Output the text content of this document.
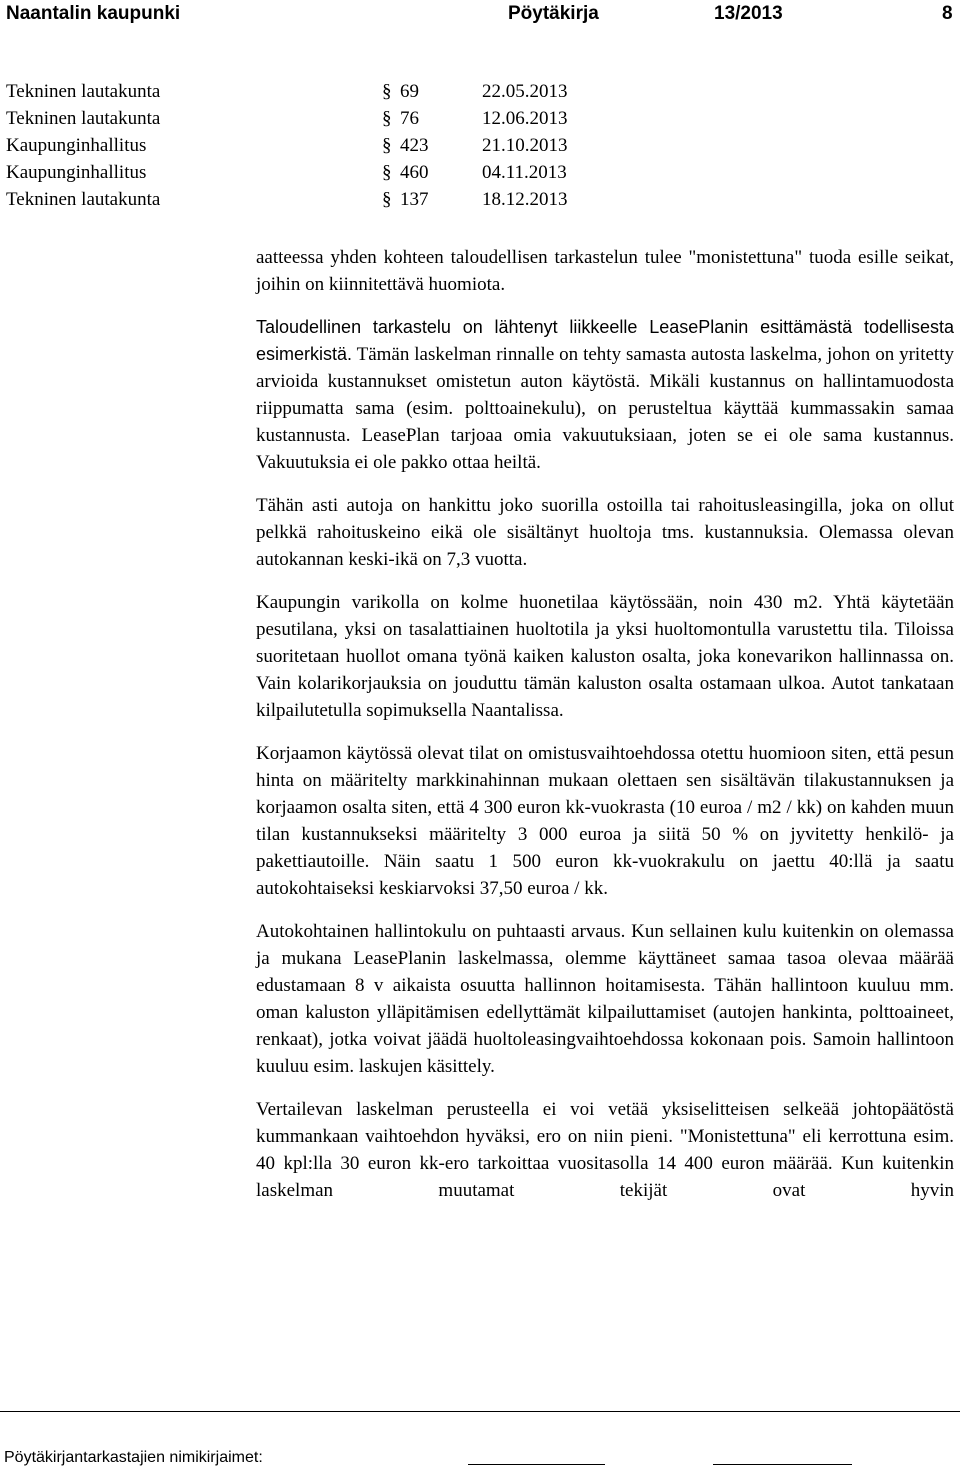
Naantalin kaupunki	Pöytäkirja	13/2013	8
Tekninen lautakunta	§ 69	22.05.2013
Tekninen lautakunta	§ 76	12.06.2013
Kaupunginhallitus	§ 423	21.10.2013
Kaupunginhallitus	§ 460	04.11.2013
Tekninen lautakunta	§ 137	18.12.2013

aatteessa yhden kohteen taloudellisen tarkastelun tulee "monistettuna" tuoda esille seikat, joihin on kiinnitettävä huomiota.

Taloudellinen tarkastelu on lähtenyt liikkeelle LeasePlanin esittämästä todellisesta esimerkistä. Tämän laskelman rinnalle on tehty samasta autosta laskelma, johon on yritetty arvioida kustannukset omistetun auton käytöstä. Mikäli kustannus on hallintamuodosta riippumatta sama (esim. polttoainekulu), on perusteltua käyttää kummassakin samaa kustannusta. LeasePlan tarjoaa omia vakuutuksiaan, joten se ei ole sama kustannus. Vakuutuksia ei ole pakko ottaa heiltä.

Tähän asti autoja on hankittu joko suorilla ostoilla tai rahoitusleasingilla, joka on ollut pelkkä rahoituskeino eikä ole sisältänyt huoltoja tms. kustannuksia. Olemassa olevan autokannan keski-ikä on 7,3 vuotta.

Kaupungin varikolla on kolme huonetilaa käytössään, noin 430 m2. Yhtä käytetään pesutilana, yksi on tasalattiainen huoltotila ja yksi huoltomontulla varustettu tila. Tiloissa suoritetaan huollot omana työnä kaiken kaluston osalta, joka konevarikon hallinnassa on. Vain kolarikorjauksia on jouduttu tämän kaluston osalta ostamaan ulkoa. Autot tankataan kilpailutetulla sopimuksella Naantalissa.

Korjaamon käytössä olevat tilat on omistusvaihtoehdossa otettu huomioon siten, että pesun hinta on määritelty markkinahinnan mukaan olettaen sen sisältävän tilakustannuksen ja korjaamon osalta siten, että 4 300 euron kk-vuokrasta (10 euroa / m2 / kk) on kahden muun tilan kustannukseksi määritelty 3 000 euroa ja siitä 50 % on jyvitetty henkilö- ja pakettiautoille. Näin saatu 1 500 euron kk-vuokrakulu on jaettu 40:llä ja saatu autokohtaiseksi keskiarvoksi 37,50 euroa / kk.

Autokohtainen hallintokulu on puhtaasti arvaus. Kun sellainen kulu kuitenkin on olemassa ja mukana LeasePlanin laskelmassa, olemme käyttäneet samaa tasoa olevaa määrää edustamaan 8 v aikaista osuutta hallinnon hoitamisesta. Tähän hallintoon kuuluu mm. oman kaluston ylläpitämisen edellyttämät kilpailuttamiset (autojen hankinta, polttoaineet, renkaat), jotka voivat jäädä huoltoleasingvaihtoehdossa kokonaan pois. Samoin hallintoon kuuluu esim. laskujen käsittely.

Vertailevan laskelman perusteella ei voi vetää yksiselitteisen selkeää johtopäätöstä kummankaan vaihtoehdon hyväksi, ero on niin pieni. "Monistettuna" eli kerrottuna esim. 40 kpl:lla 30 euron kk-ero tarkoittaa vuositasolla 14 400 euron määrää. Kun kuitenkin laskelman muutamat tekijät ovat hyvin

Pöytäkirjantarkastajien nimikirjaimet:
